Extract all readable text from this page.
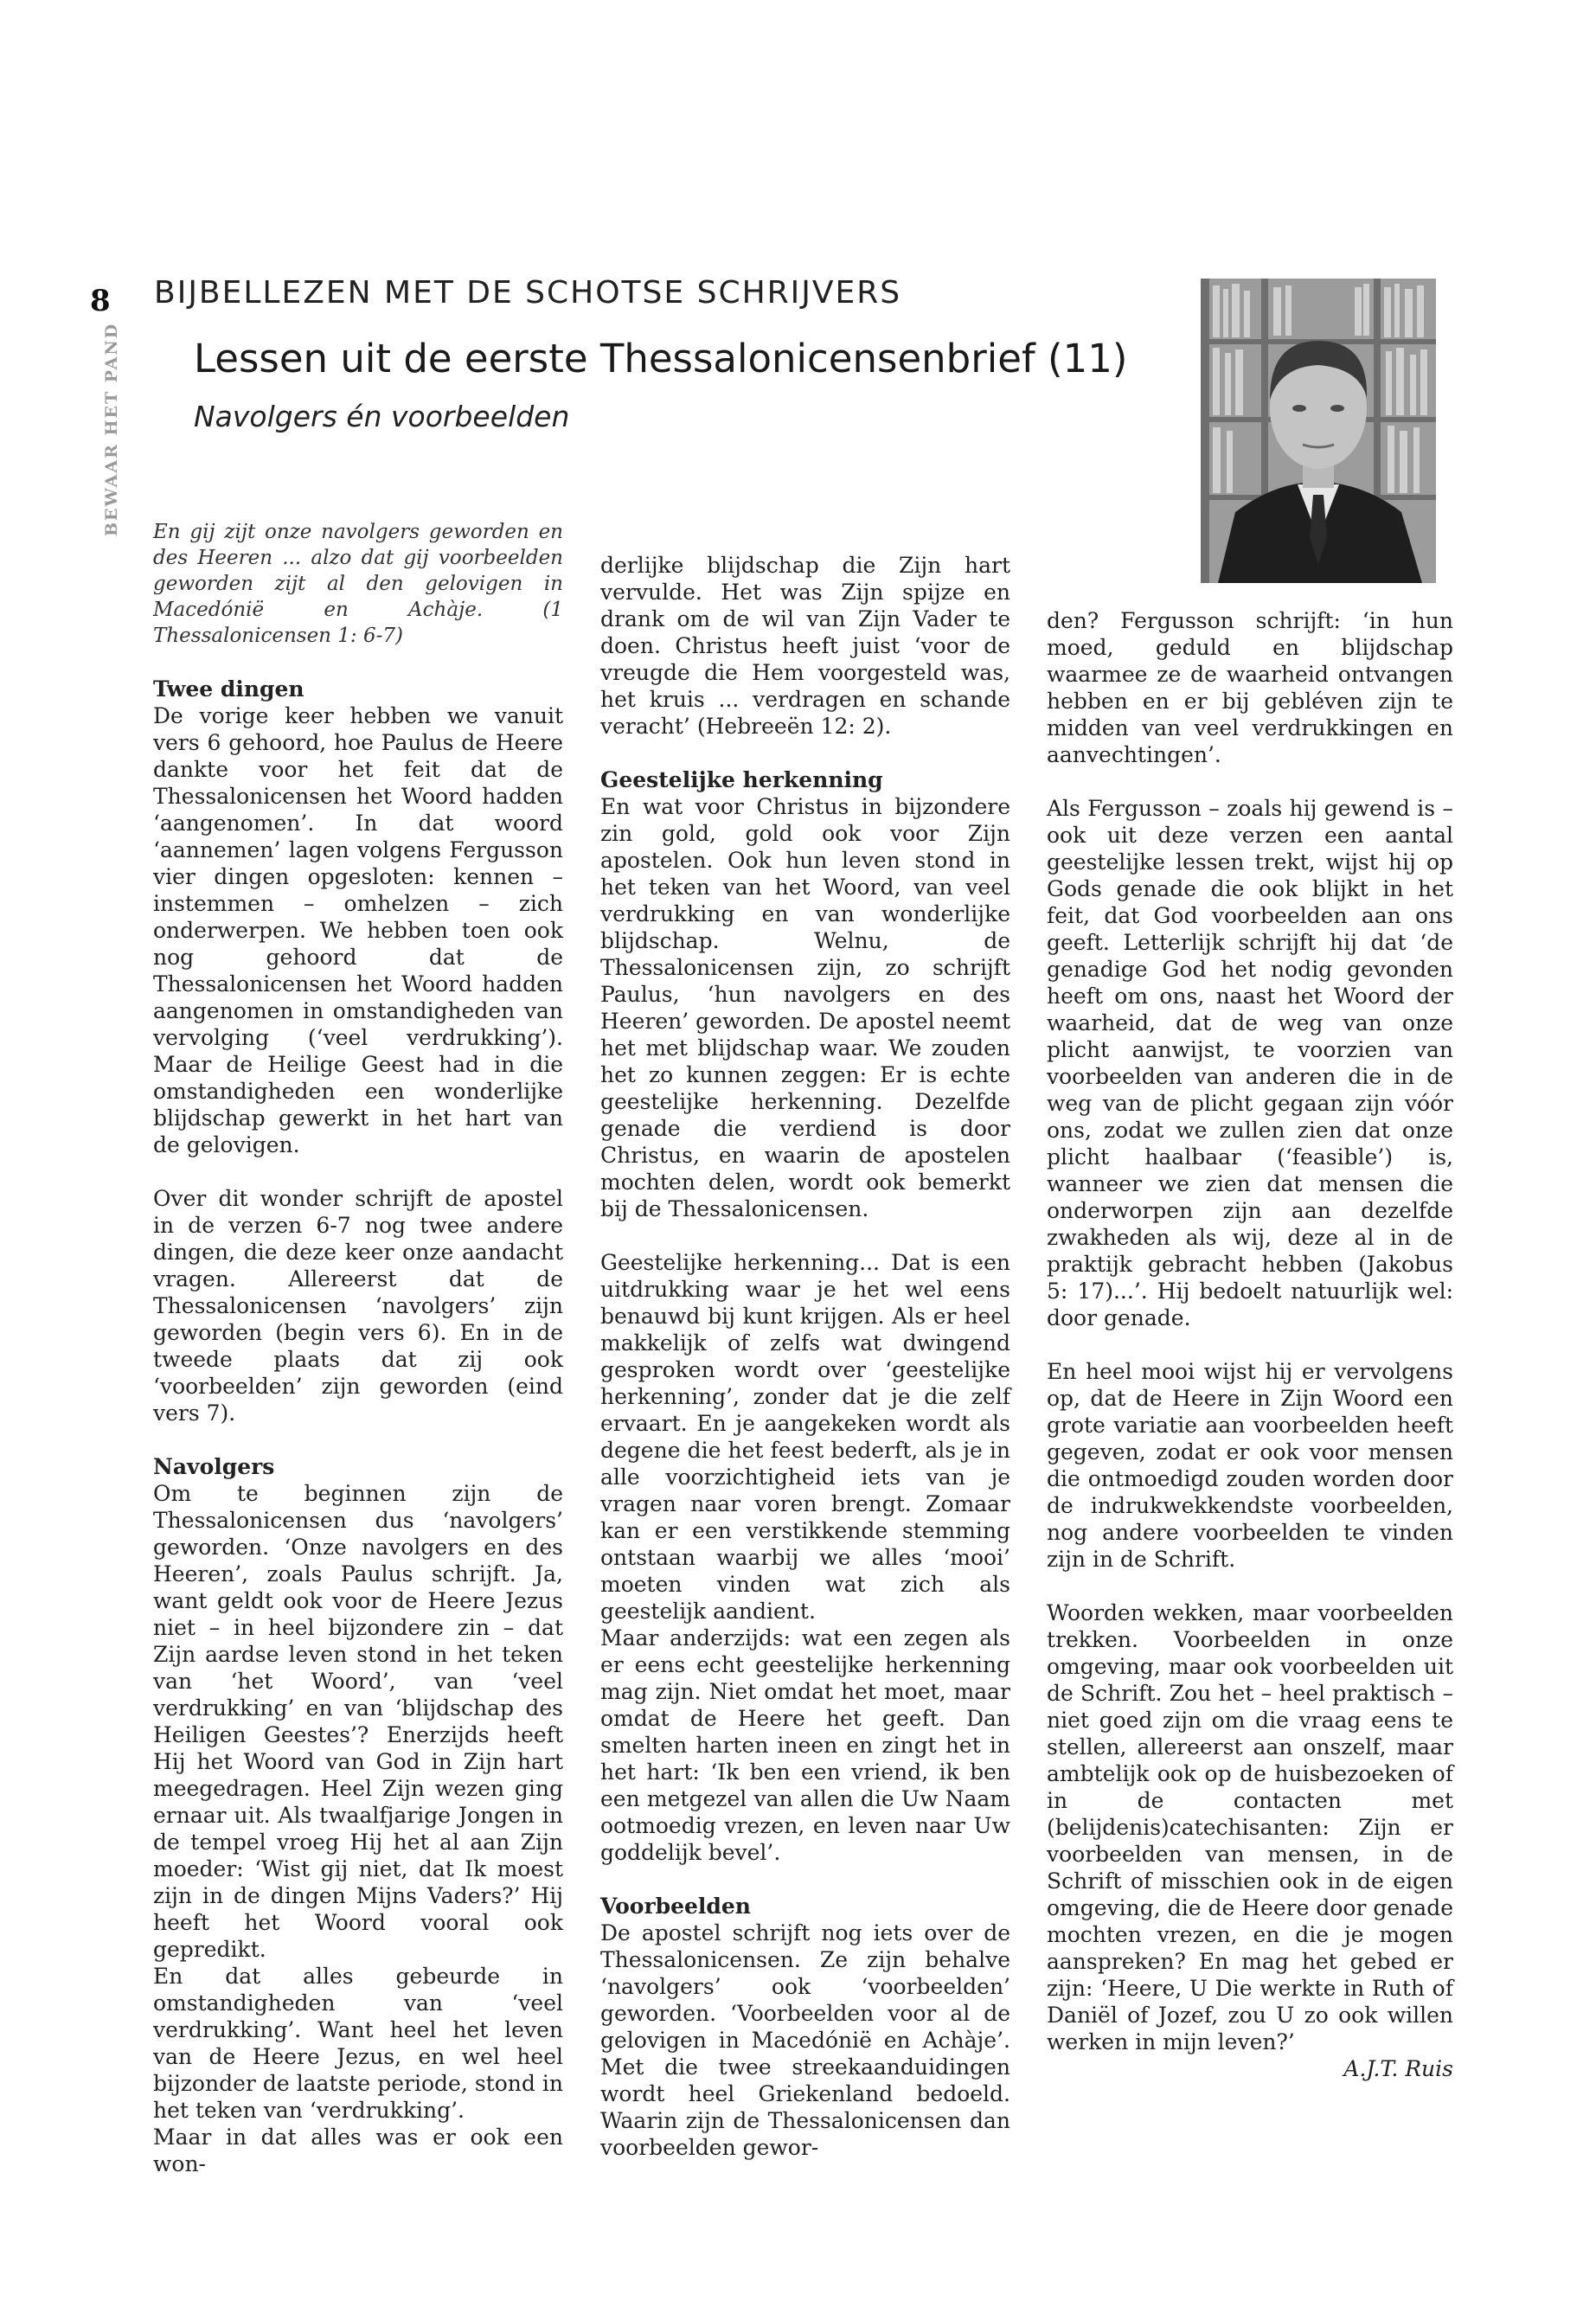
8
BEWAAR HET PAND
BIJBELLEZEN MET DE SCHOTSE SCHRIJVERS
Lessen uit de eerste Thessalonicensenbrief (11)
Navolgers én voorbeelden

En gij zijt onze navolgers geworden en des Heeren ... alzo dat gij voorbeelden geworden zijt al den gelovigen in Macedónië en Achàje. (1 Thessalonicensen 1: 6-7)

Twee dingen

De vorige keer hebben we vanuit vers 6 gehoord, hoe Paulus de Heere dankte voor het feit dat de Thessalonicensen het Woord hadden ‘aangenomen’. In dat woord ‘aannemen’ lagen volgens Fergusson vier dingen opgesloten: kennen – instemmen – omhelzen – zich onderwerpen. We hebben toen ook nog gehoord dat de Thessalonicensen het Woord hadden aangenomen in omstandigheden van vervolging (‘veel verdrukking’). Maar de Heilige Geest had in die omstandigheden een wonderlijke blijdschap gewerkt in het hart van de gelovigen.

Over dit wonder schrijft de apostel in de verzen 6-7 nog twee andere dingen, die deze keer onze aandacht vragen. Allereerst dat de Thessalonicensen ‘navolgers’ zijn geworden (begin vers 6). En in de tweede plaats dat zij ook ‘voorbeelden’ zijn geworden (eind vers 7).

Navolgers

Om te beginnen zijn de Thessalonicensen dus ‘navolgers’ geworden. ‘Onze navolgers en des Heeren’, zoals Paulus schrijft. Ja, want geldt ook voor de Heere Jezus niet – in heel bijzondere zin – dat Zijn aardse leven stond in het teken van ‘het Woord’, van ‘veel verdrukking’ en van ‘blijdschap des Heiligen Geestes’? Enerzijds heeft Hij het Woord van God in Zijn hart meegedragen. Heel Zijn wezen ging ernaar uit. Als twaalfjarige Jongen in de tempel vroeg Hij het al aan Zijn moeder: ‘Wist gij niet, dat Ik moest zijn in de dingen Mijns Vaders?’ Hij heeft het Woord vooral ook gepredikt.

En dat alles gebeurde in omstandigheden van ‘veel verdrukking’. Want heel het leven van de Heere Jezus, en wel heel bijzonder de laatste periode, stond in het teken van ‘verdrukking’.

Maar in dat alles was er ook een won-

derlijke blijdschap die Zijn hart vervulde. Het was Zijn spijze en drank om de wil van Zijn Vader te doen. Christus heeft juist ‘voor de vreugde die Hem voorgesteld was, het kruis ... verdragen en schande veracht’ (Hebreeën 12: 2).

Geestelijke herkenning

En wat voor Christus in bijzondere zin gold, gold ook voor Zijn apostelen. Ook hun leven stond in het teken van het Woord, van veel verdrukking en van wonderlijke blijdschap. Welnu, de Thessalonicensen zijn, zo schrijft Paulus, ‘hun navolgers en des Heeren’ geworden. De apostel neemt het met blijdschap waar. We zouden het zo kunnen zeggen: Er is echte geestelijke herkenning. Dezelfde genade die verdiend is door Christus, en waarin de apostelen mochten delen, wordt ook bemerkt bij de Thessalonicensen.

Geestelijke herkenning... Dat is een uitdrukking waar je het wel eens benauwd bij kunt krijgen. Als er heel makkelijk of zelfs wat dwingend gesproken wordt over ‘geestelijke herkenning’, zonder dat je die zelf ervaart. En je aangekeken wordt als degene die het feest bederft, als je in alle voorzichtigheid iets van je vragen naar voren brengt. Zomaar kan er een verstikkende stemming ontstaan waarbij we alles ‘mooi’ moeten vinden wat zich als geestelijk aandient.

Maar anderzijds: wat een zegen als er eens echt geestelijke herkenning mag zijn. Niet omdat het moet, maar omdat de Heere het geeft. Dan smelten harten ineen en zingt het in het hart: ‘Ik ben een vriend, ik ben een metgezel van allen die Uw Naam ootmoedig vrezen, en leven naar Uw goddelijk bevel’.

Voorbeelden

De apostel schrijft nog iets over de Thessalonicensen. Ze zijn behalve ‘navolgers’ ook ‘voorbeelden’ geworden. ‘Voorbeelden voor al de gelovigen in Macedónië en Achàje’. Met die twee streekaanduidingen wordt heel Griekenland bedoeld. Waarin zijn de Thessalonicensen dan voorbeelden gewor-

den? Fergusson schrijft: ‘in hun moed, geduld en blijdschap waarmee ze de waarheid ontvangen hebben en er bij gebléven zijn te midden van veel verdrukkingen en aanvechtingen’.

Als Fergusson – zoals hij gewend is – ook uit deze verzen een aantal geestelijke lessen trekt, wijst hij op Gods genade die ook blijkt in het feit, dat God voorbeelden aan ons geeft. Letterlijk schrijft hij dat ‘de genadige God het nodig gevonden heeft om ons, naast het Woord der waarheid, dat de weg van onze plicht aanwijst, te voorzien van voorbeelden van anderen die in de weg van de plicht gegaan zijn vóór ons, zodat we zullen zien dat onze plicht haalbaar (‘feasible’) is, wanneer we zien dat mensen die onderworpen zijn aan dezelfde zwakheden als wij, deze al in de praktijk gebracht hebben (Jakobus 5: 17)...’. Hij bedoelt natuurlijk wel: door genade.

En heel mooi wijst hij er vervolgens op, dat de Heere in Zijn Woord een grote variatie aan voorbeelden heeft gegeven, zodat er ook voor mensen die ontmoedigd zouden worden door de indrukwekkendste voorbeelden, nog andere voorbeelden te vinden zijn in de Schrift.

Woorden wekken, maar voorbeelden trekken. Voorbeelden in onze omgeving, maar ook voorbeelden uit de Schrift. Zou het – heel praktisch – niet goed zijn om die vraag eens te stellen, allereerst aan onszelf, maar ambtelijk ook op de huisbezoeken of in de contacten met (belijdenis)catechisanten: Zijn er voorbeelden van mensen, in de Schrift of misschien ook in de eigen omgeving, die de Heere door genade mochten vrezen, en die je mogen aanspreken? En mag het gebed er zijn: ‘Heere, U Die werkte in Ruth of Daniël of Jozef, zou U zo ook willen werken in mijn leven?’

A.J.T. Ruis
